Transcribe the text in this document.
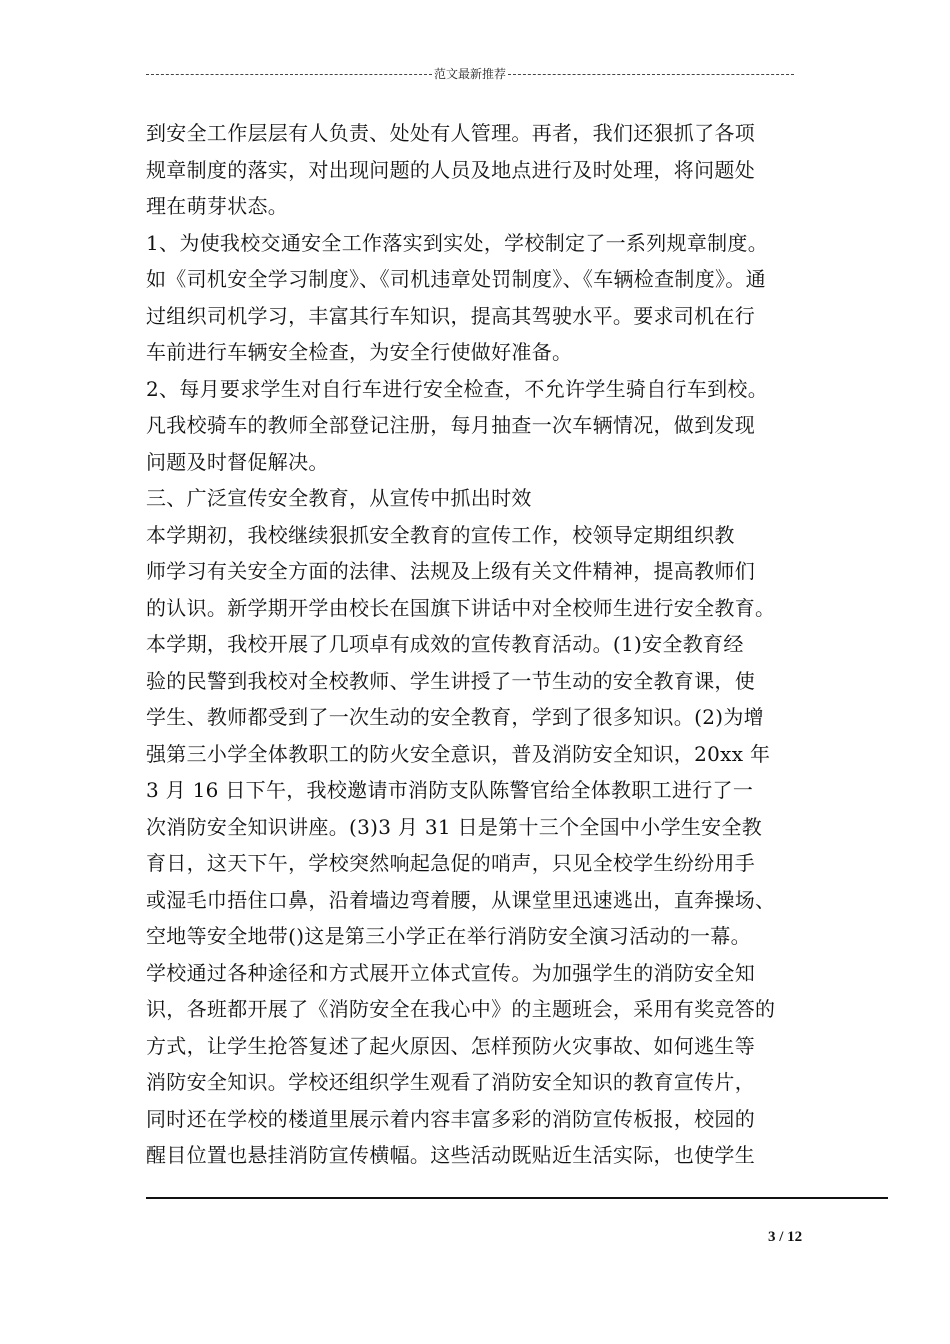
范文最新推荐
到安全工作层层有人负责、处处有人管理。再者，我们还狠抓了各项
规章制度的落实，对出现问题的人员及地点进行及时处理，将问题处
理在萌芽状态。
1、为使我校交通安全工作落实到实处，学校制定了一系列规章制度。
如《司机安全学习制度》、《司机违章处罚制度》、《车辆检查制度》。通
过组织司机学习，丰富其行车知识，提高其驾驶水平。要求司机在行
车前进行车辆安全检查，为安全行使做好准备。
2、每月要求学生对自行车进行安全检查，不允许学生骑自行车到校。
凡我校骑车的教师全部登记注册，每月抽查一次车辆情况，做到发现
问题及时督促解决。
三、广泛宣传安全教育，从宣传中抓出时效
本学期初，我校继续狠抓安全教育的宣传工作，校领导定期组织教
师学习有关安全方面的法律、法规及上级有关文件精神，提高教师们
的认识。新学期开学由校长在国旗下讲话中对全校师生进行安全教育。
本学期，我校开展了几项卓有成效的宣传教育活动。(1)安全教育经
验的民警到我校对全校教师、学生讲授了一节生动的安全教育课，使
学生、教师都受到了一次生动的安全教育，学到了很多知识。(2)为增
强第三小学全体教职工的防火安全意识，普及消防安全知识，20xx 年
3 月 16 日下午，我校邀请市消防支队陈警官给全体教职工进行了一
次消防安全知识讲座。(3)3 月 31 日是第十三个全国中小学生安全教
育日，这天下午，学校突然响起急促的哨声，只见全校学生纷纷用手
或湿毛巾捂住口鼻，沿着墙边弯着腰，从课堂里迅速逃出，直奔操场、
空地等安全地带()这是第三小学正在举行消防安全演习活动的一幕。
学校通过各种途径和方式展开立体式宣传。为加强学生的消防安全知
识，各班都开展了《消防安全在我心中》的主题班会，采用有奖竞答的
方式，让学生抢答复述了起火原因、怎样预防火灾事故、如何逃生等
消防安全知识。学校还组织学生观看了消防安全知识的教育宣传片，
同时还在学校的楼道里展示着内容丰富多彩的消防宣传板报，校园的
醒目位置也悬挂消防宣传横幅。这些活动既贴近生活实际，也使学生
3 / 12
